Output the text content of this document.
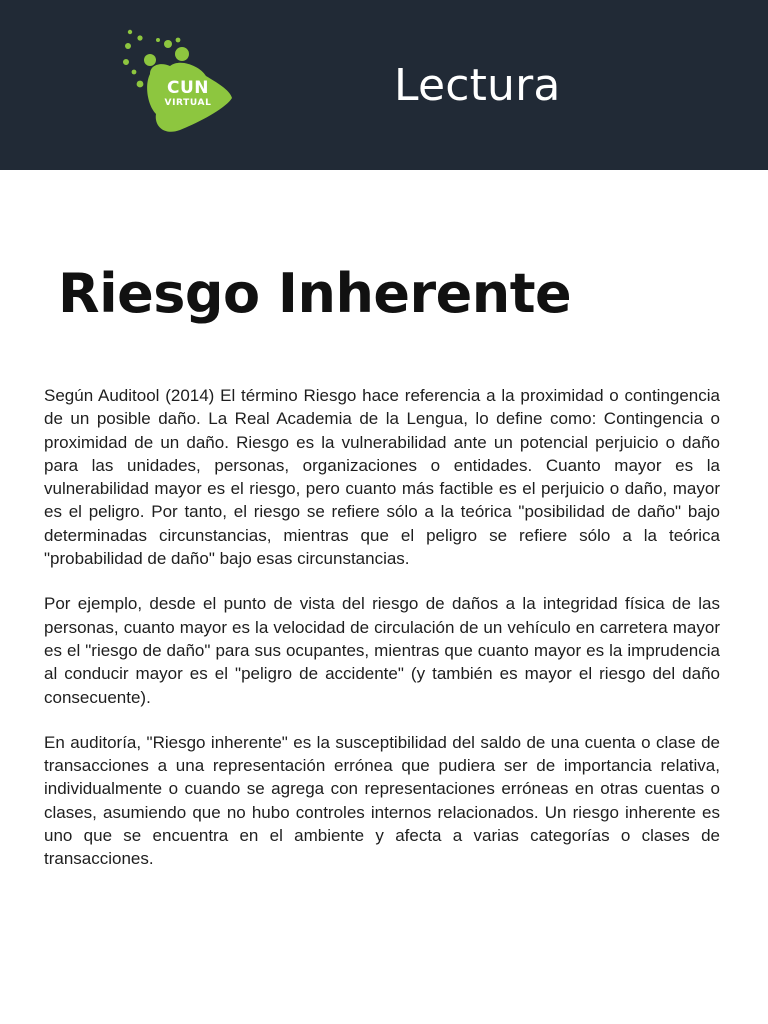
CUN
VIRTUAL	Lectura
Riesgo Inherente

Según Auditool (2014) El término Riesgo hace referencia a la proximidad o contingencia de un posible daño. La Real Academia de la Lengua, lo define como: Contingencia o proximidad de un daño. Riesgo es la vulnerabilidad ante un potencial perjuicio o daño para las unidades, personas, organizaciones o entidades. Cuanto mayor es la vulnerabilidad mayor es el riesgo, pero cuanto más factible es el perjuicio o daño, mayor es el peligro. Por tanto, el riesgo se refiere sólo a la teórica "posibilidad de daño" bajo determinadas circunstancias, mientras que el peligro se refiere sólo a la teórica "probabilidad de daño" bajo esas circunstancias.

Por ejemplo, desde el punto de vista del riesgo de daños a la integridad física de las personas, cuanto mayor es la velocidad de circulación de un vehículo en carretera mayor es el "riesgo de daño" para sus ocupantes, mientras que cuanto mayor es la imprudencia al conducir mayor es el "peligro de accidente" (y también es mayor el riesgo del daño consecuente).

En auditoría, "Riesgo inherente" es la susceptibilidad del saldo de una cuenta o clase de transacciones a una representación errónea que pudiera ser de importancia relativa, individualmente o cuando se agrega con representaciones erróneas en otras cuentas o clases, asumiendo que no hubo controles internos relacionados. Un riesgo inherente es uno que se encuentra en el ambiente y afecta a varias categorías o clases de transacciones.
